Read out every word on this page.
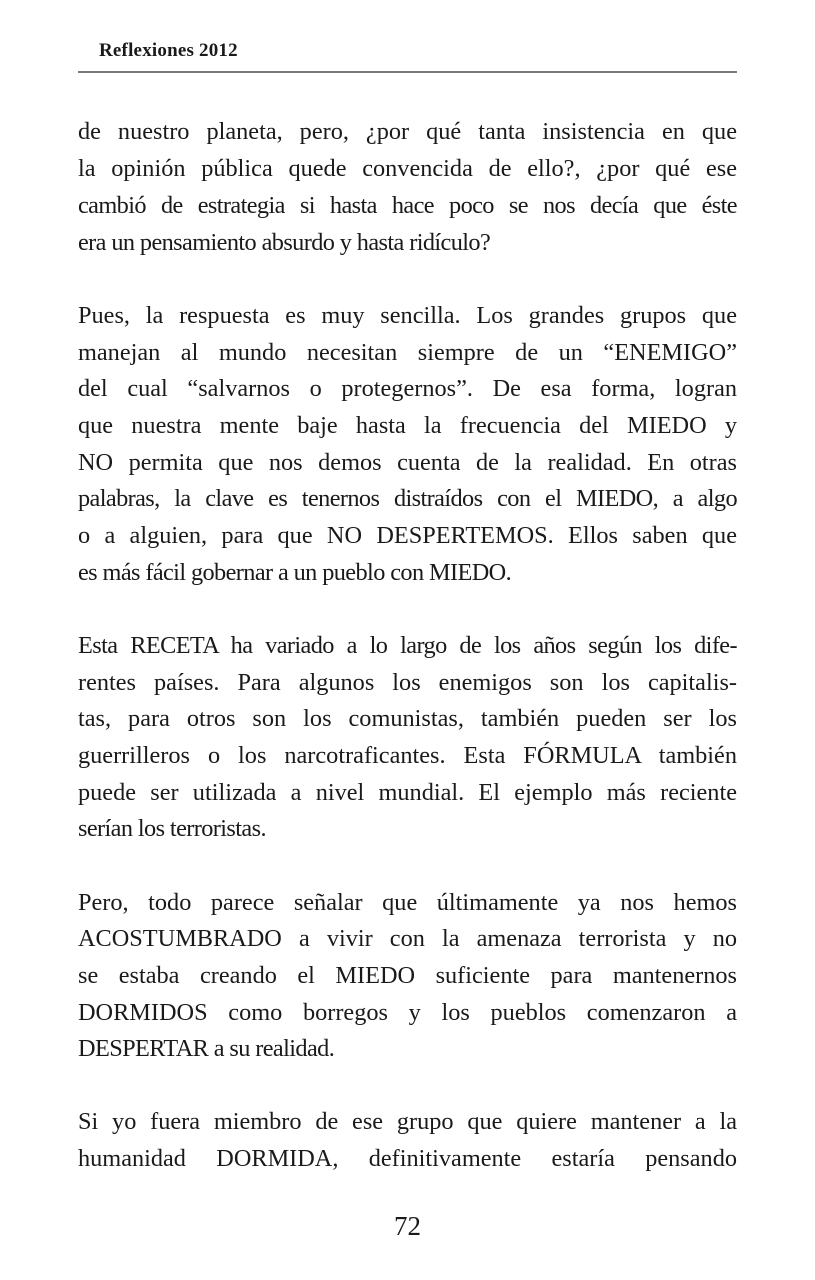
Reflexiones 2012
de nuestro planeta, pero, ¿por qué tanta insistencia en que
la opinión pública quede convencida de ello?, ¿por qué ese
cambió de estrategia si hasta hace poco se nos decía que éste
era un pensamiento absurdo y hasta ridículo?
Pues, la respuesta es muy sencilla. Los grandes grupos que
manejan al mundo necesitan siempre de un “ENEMIGO”
del cual “salvarnos o protegernos”. De esa forma, logran
que nuestra mente baje hasta la frecuencia del MIEDO y
NO permita que nos demos cuenta de la realidad. En otras
palabras, la clave es tenernos distraídos con el MIEDO, a algo
o a alguien, para que NO DESPERTEMOS. Ellos saben que
es más fácil gobernar a un pueblo con MIEDO.
Esta RECETA ha variado a lo largo de los años según los dife-
rentes países. Para algunos los enemigos son los capitalis-
tas, para otros son los comunistas, también pueden ser los
guerrilleros o los narcotraficantes. Esta FÓRMULA también
puede ser utilizada a nivel mundial. El ejemplo más reciente
serían los terroristas.
Pero, todo parece señalar que últimamente ya nos hemos
ACOSTUMBRADO a vivir con la amenaza terrorista y no
se estaba creando el MIEDO suficiente para mantenernos
DORMIDOS como borregos y los pueblos comenzaron a
DESPERTAR a su realidad.
Si yo fuera miembro de ese grupo que quiere mantener a la
humanidad DORMIDA, definitivamente estaría pensando
72
